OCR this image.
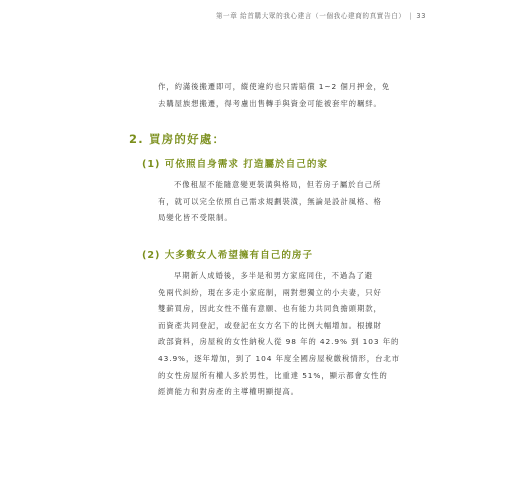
第一章 給首購大眾的我心建言（一個我心建商的真實告白） | 33
作，約滿後搬遷即可，縱使違約也只需賠償 1~2 個月押金，免
去購屋族想搬遷，得考慮出售轉手與資金可能被套牢的羈絆。
2. 買房的好處：
(1) 可依照自身需求 打造屬於自己的家
不像租屋不能隨意變更裝潢與格局，但若房子屬於自己所
有，就可以完全依照自己需求規劃裝潢，無論是設計風格、格
局變化皆不受限制。
(2) 大多數女人希望擁有自己的房子
早期新人成婚後，多半是和男方家庭同住，不過為了避
免兩代糾紛，現在多走小家庭制，兩對想獨立的小夫妻，只好
雙薪買房，因此女性不僅有意願、也有能力共同負擔頭期款，
而資產共同登記，或登記在女方名下的比例大幅增加。根據財
政部資料，房屋稅的女性納稅人從 98 年的 42.9% 到 103 年的
43.9%，逐年增加，到了 104 年度全國房屋稅繳稅情形，台北市
的女性房屋所有權人多於男性，比重達 51%，顯示都會女性的
經濟能力和對房產的主導權明顯提高。
